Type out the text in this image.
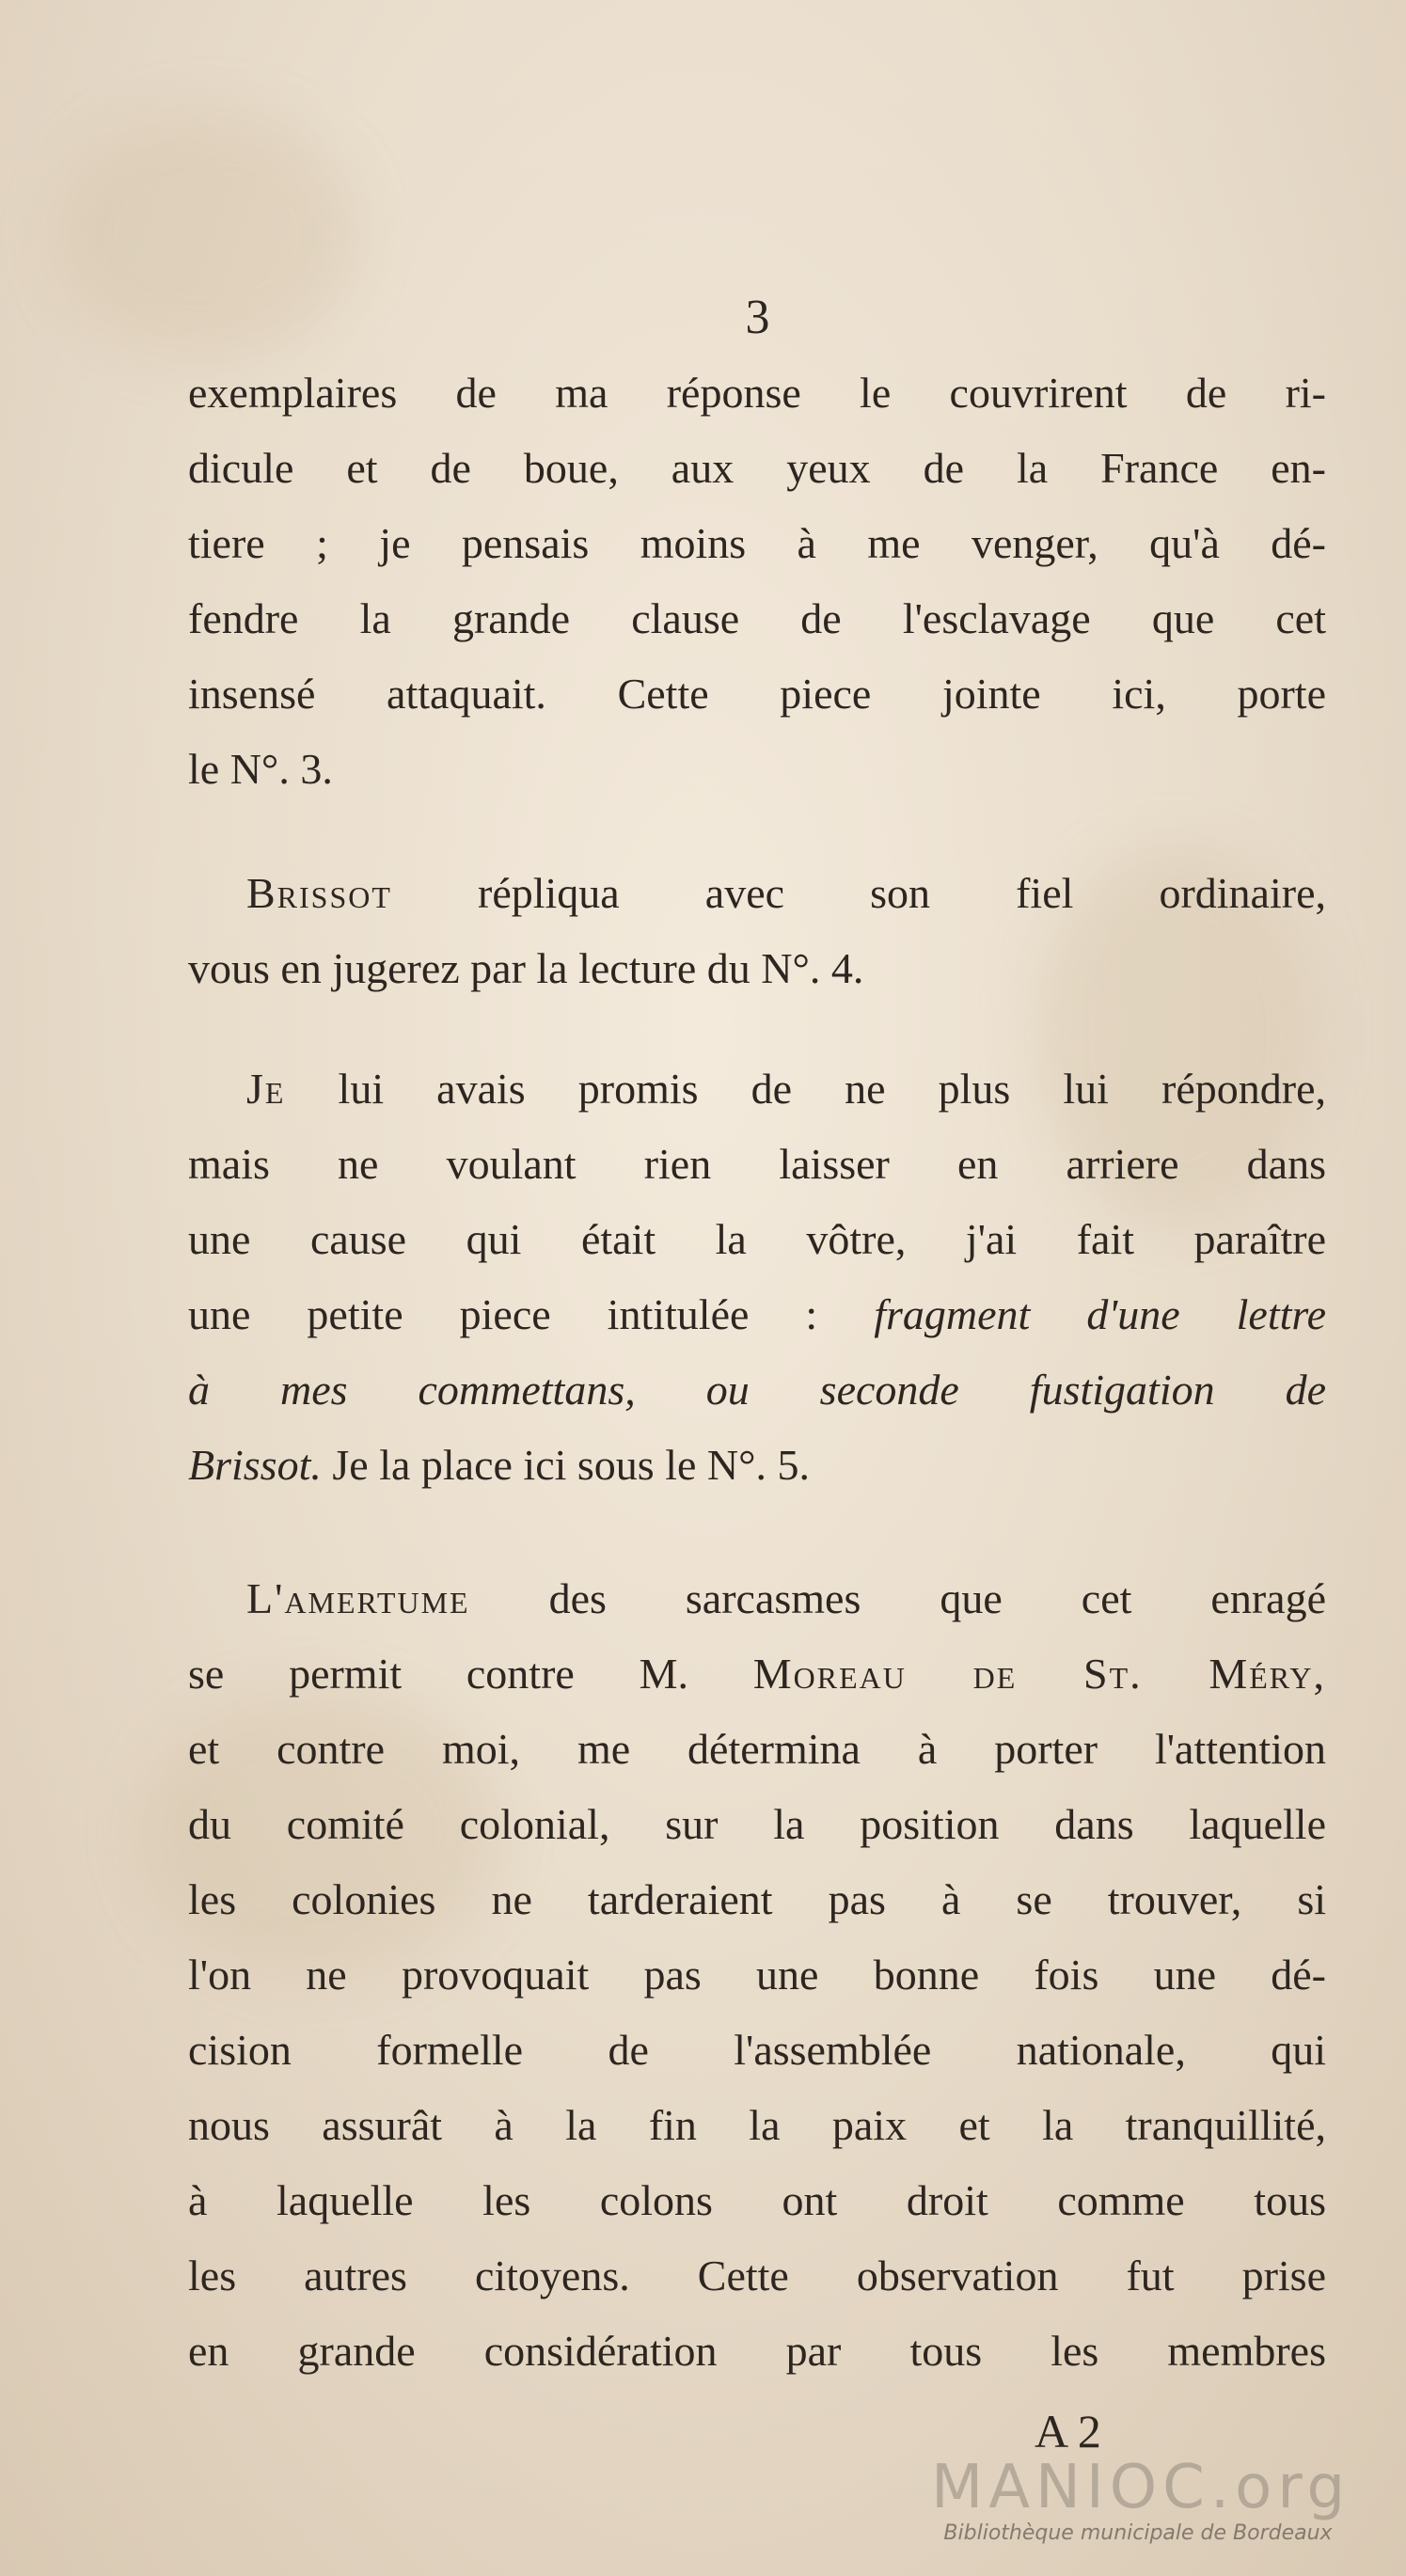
3
exemplaires de ma réponse le couvrirent de ri-
dicule et de boue, aux yeux de la France en-
tiere ; je pensais moins à me venger, qu'à dé-
fendre la grande clause de l'esclavage que cet
insensé attaquait. Cette piece jointe ici, porte
le N°. 3.
Brissot répliqua avec son fiel ordinaire,
vous en jugerez par la lecture du N°. 4.
Je lui avais promis de ne plus lui répondre,
mais ne voulant rien laisser en arriere dans
une cause qui était la vôtre, j'ai fait paraître
une petite piece intitulée : fragment d'une lettre
à mes commettans, ou seconde fustigation de
Brissot. Je la place ici sous le N°. 5.
L'amertume des sarcasmes que cet enragé
se permit contre M. Moreau de St. Méry,
et contre moi, me détermina à porter l'attention
du comité colonial, sur la position dans laquelle
les colonies ne tarderaient pas à se trouver, si
l'on ne provoquait pas une bonne fois une dé-
cision formelle de l'assemblée nationale, qui
nous assurât à la fin la paix et la tranquillité,
à laquelle les colons ont droit comme tous
les autres citoyens. Cette observation fut prise
en grande considération par tous les membres
A 2
MANIOC.org
Bibliothèque municipale de Bordeaux
